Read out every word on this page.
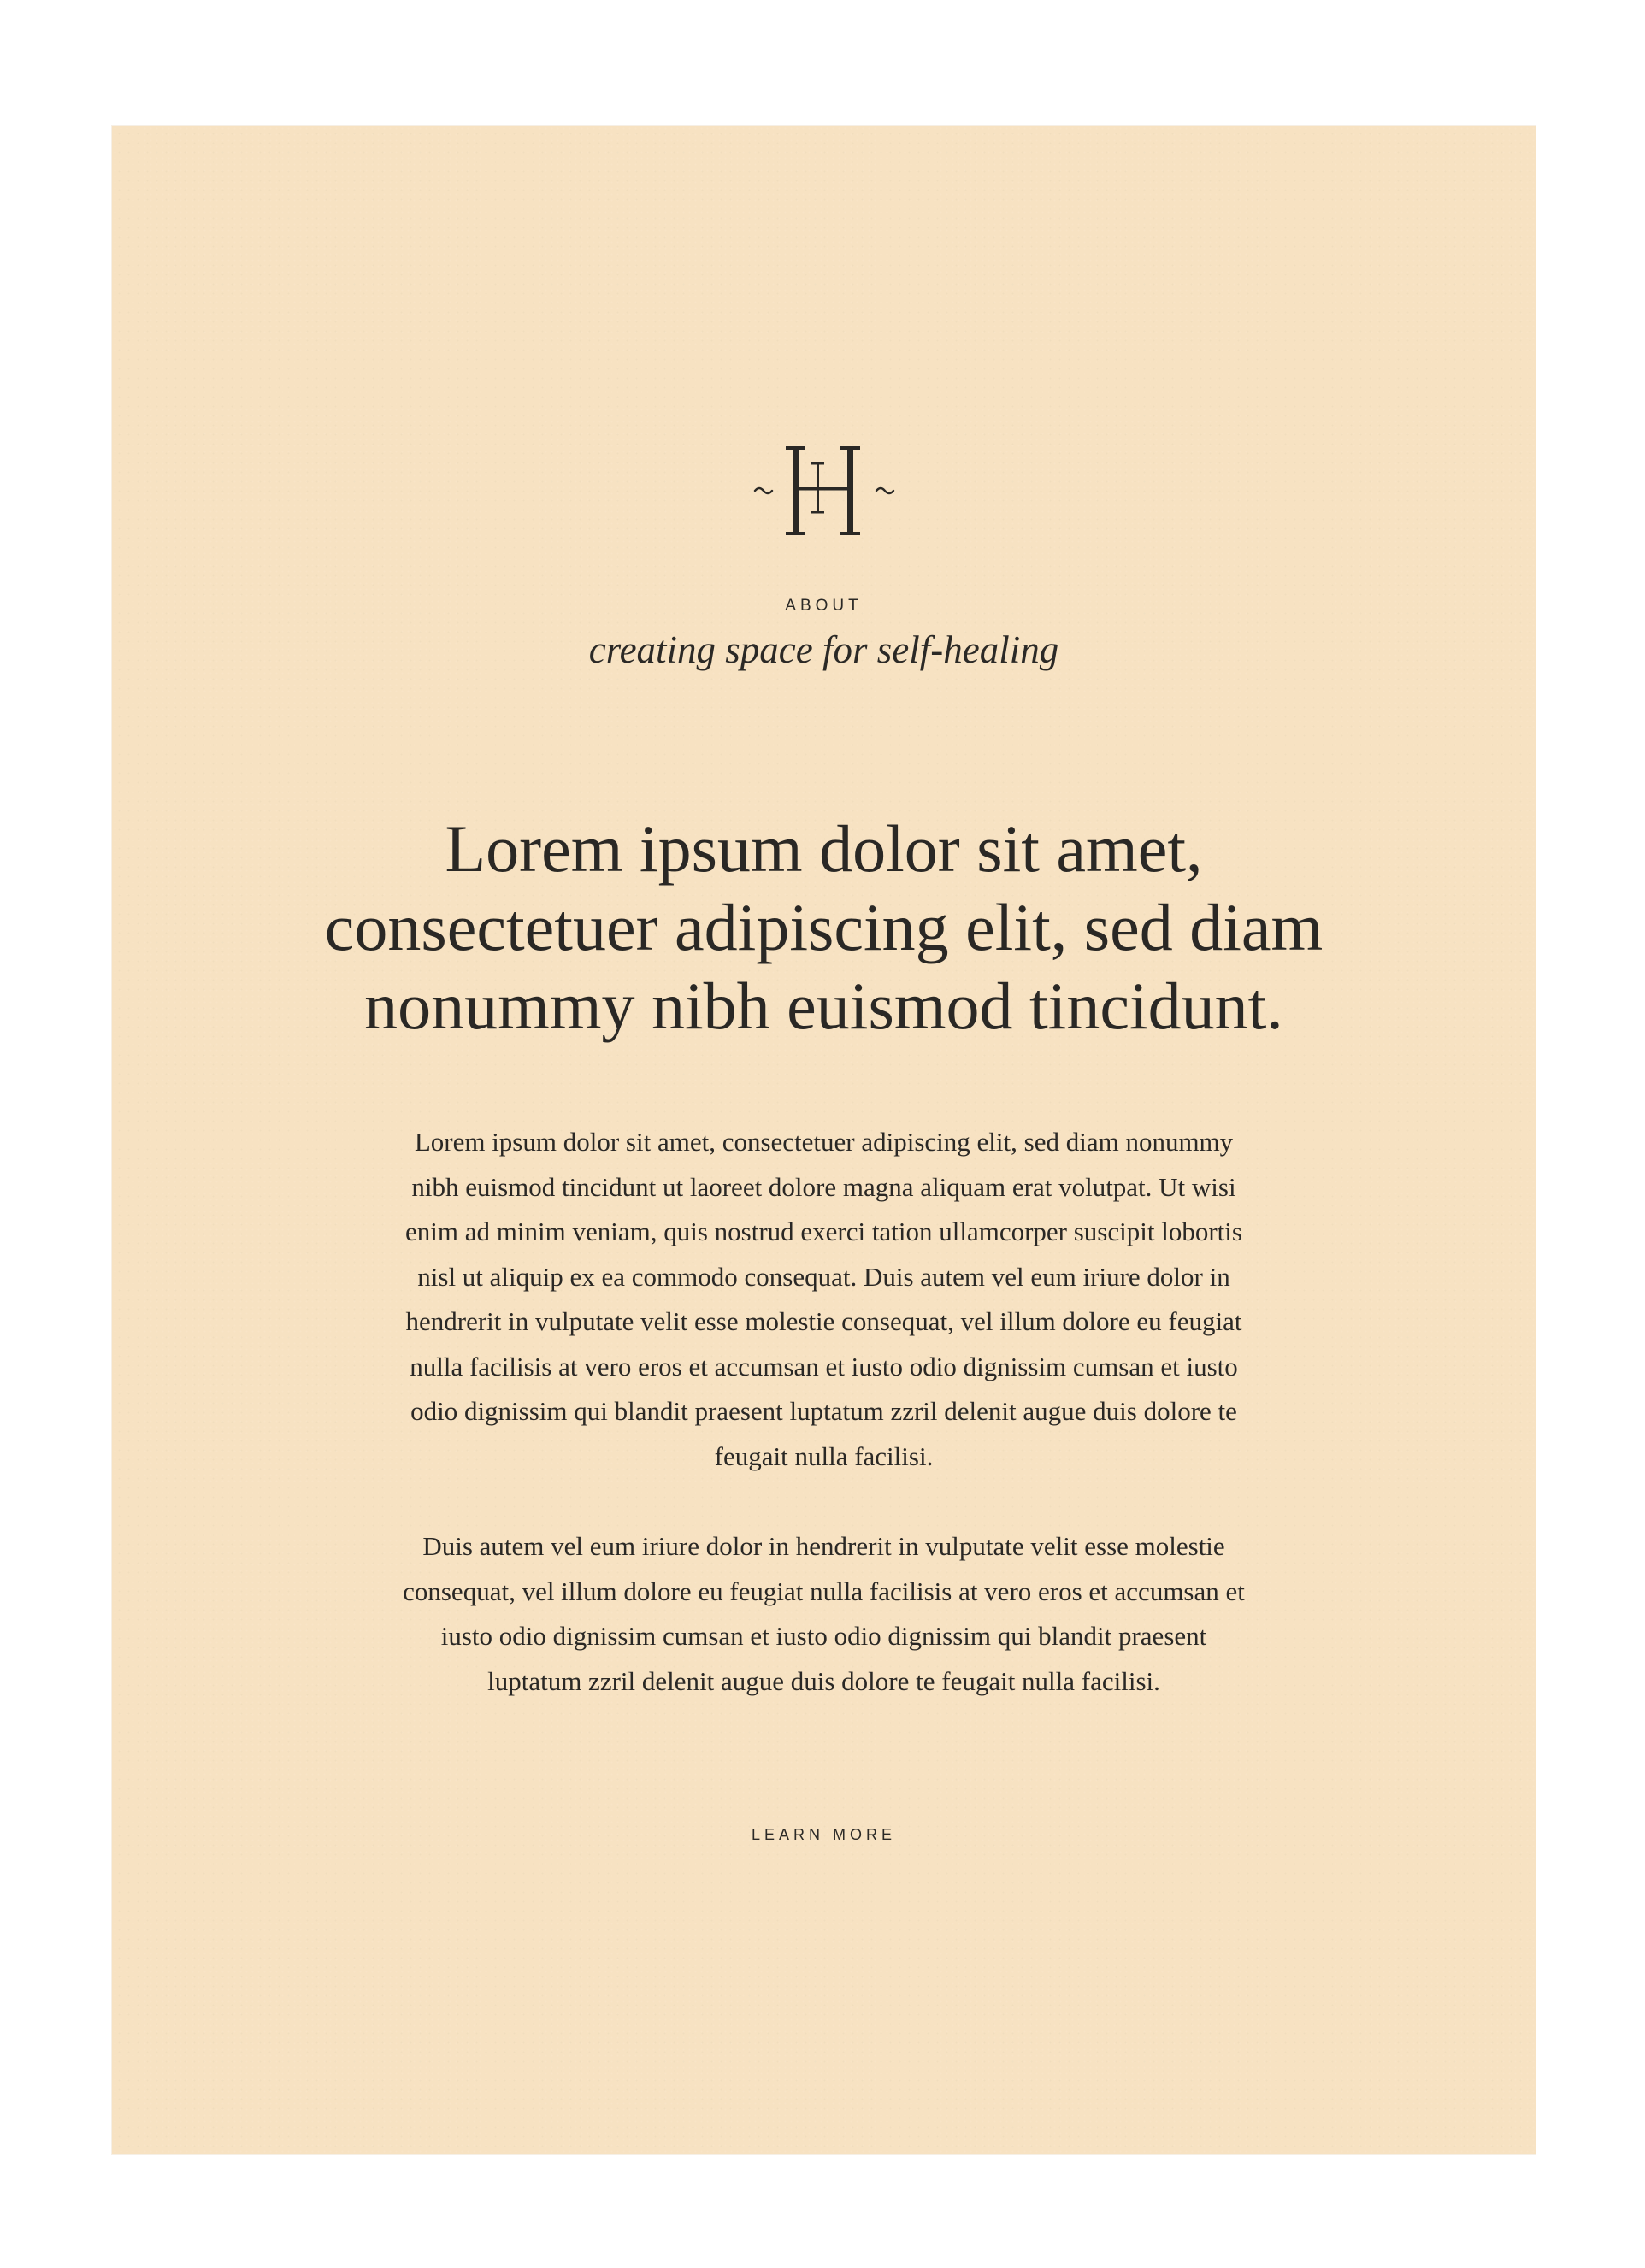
ABOUT
creating space for self-healing
Lorem ipsum dolor sit amet,
consectetuer adipiscing elit, sed diam
nonummy nibh euismod tincidunt.
Lorem ipsum dolor sit amet, consectetuer adipiscing elit, sed diam nonummy
nibh euismod tincidunt ut laoreet dolore magna aliquam erat volutpat. Ut wisi
enim ad minim veniam, quis nostrud exerci tation ullamcorper suscipit lobortis
nisl ut aliquip ex ea commodo consequat. Duis autem vel eum iriure dolor in
hendrerit in vulputate velit esse molestie consequat, vel illum dolore eu feugiat
nulla facilisis at vero eros et accumsan et iusto odio dignissim cumsan et iusto
odio dignissim qui blandit praesent luptatum zzril delenit augue duis dolore te
feugait nulla facilisi.
Duis autem vel eum iriure dolor in hendrerit in vulputate velit esse molestie
consequat, vel illum dolore eu feugiat nulla facilisis at vero eros et accumsan et
iusto odio dignissim cumsan et iusto odio dignissim qui blandit praesent
luptatum zzril delenit augue duis dolore te feugait nulla facilisi.
LEARN MORE
